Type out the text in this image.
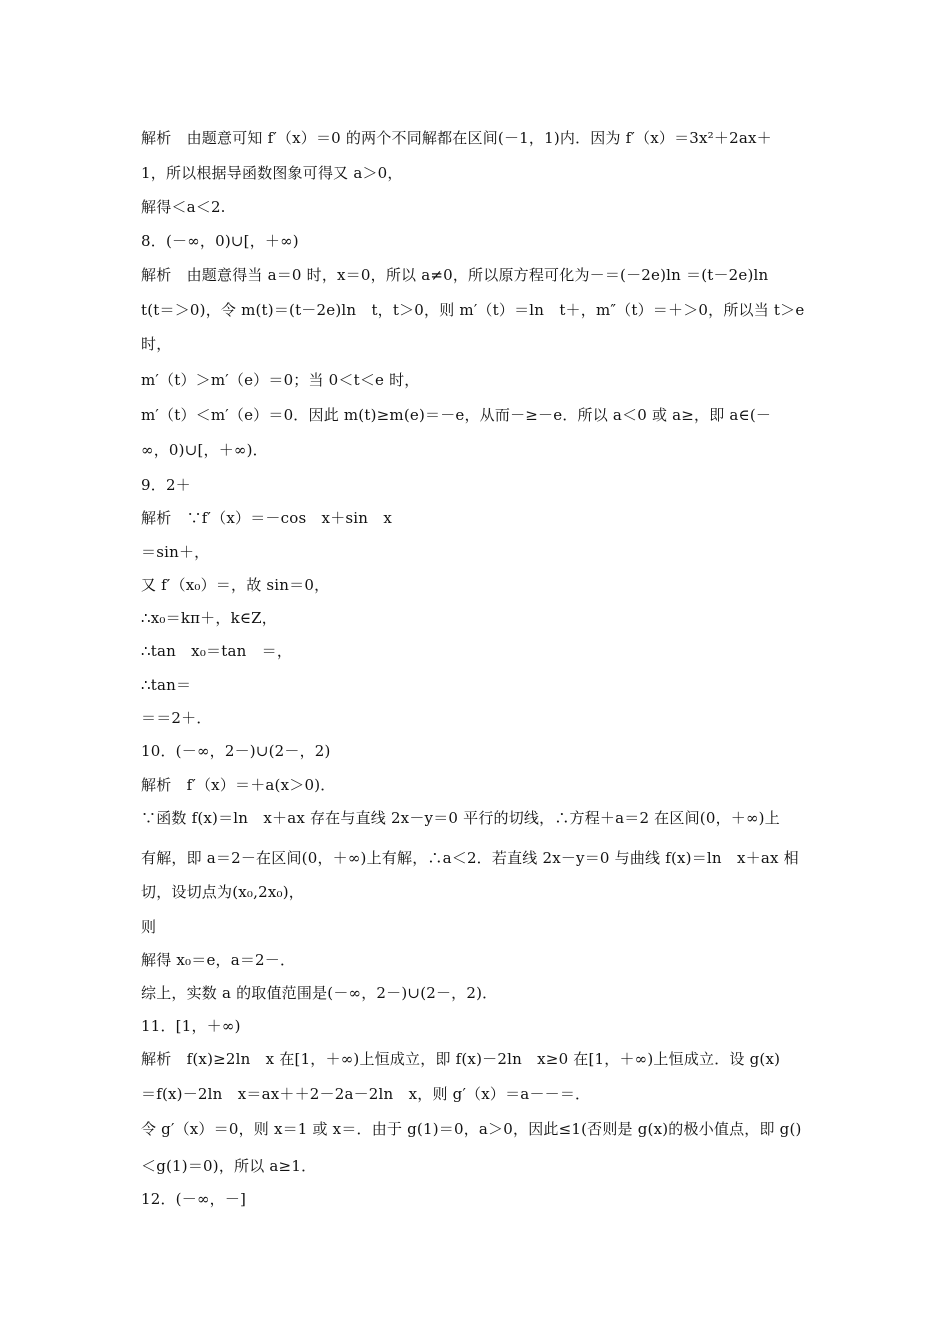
解析　由题意可知 f′（x）＝0 的两个不同解都在区间(－1，1)内．因为 f′（x）＝3x²＋2ax＋
1，所以根据导函数图象可得又 a＞0，
解得＜a＜2.
8．(－∞，0)∪[，＋∞)
解析　由题意得当 a＝0 时，x＝0，所以 a≠0，所以原方程可化为－＝(－2e)ln ＝(t－2e)ln
t(t＝＞0)，令 m(t)＝(t－2e)ln　t，t＞0，则 m′（t）＝ln　t＋，m″（t）＝＋＞0，所以当 t＞e
时，
m′（t）＞m′（e）＝0；当 0＜t＜e 时，
m′（t）＜m′（e）＝0．因此 m(t)≥m(e)＝－e，从而－≥－e．所以 a＜0 或 a≥，即 a∈(－
∞，0)∪[，＋∞)．
9．2＋
解析　∵f′（x）＝－cos　x＋sin　x
＝sin＋，
又 f′（x₀）＝，故 sin＝0，
∴x₀＝kπ＋，k∈Z，
∴tan　x₀＝tan　＝，
∴tan＝
＝＝2＋．
10．(－∞，2－)∪(2－，2)
解析　f′（x）＝＋a(x＞0)．
∵函数 f(x)＝ln　x＋ax 存在与直线 2x－y＝0 平行的切线，∴方程＋a＝2 在区间(0，＋∞)上
有解，即 a＝2－在区间(0，＋∞)上有解，∴a＜2．若直线 2x－y＝0 与曲线 f(x)＝ln　x＋ax 相
切，设切点为(x₀,2x₀)，
则
解得 x₀＝e，a＝2－．
综上，实数 a 的取值范围是(－∞，2－)∪(2－，2)．
11．[1，＋∞)
解析　f(x)≥2ln　x 在[1，＋∞)上恒成立，即 f(x)－2ln　x≥0 在[1，＋∞)上恒成立．设 g(x)
＝f(x)－2ln　x＝ax＋＋2－2a－2ln　x，则 g′（x）＝a－－＝．
令 g′（x）＝0，则 x＝1 或 x＝．由于 g(1)＝0，a＞0，因此≤1(否则是 g(x)的极小值点，即 g()
＜g(1)＝0)，所以 a≥1．
12．(－∞，－]
